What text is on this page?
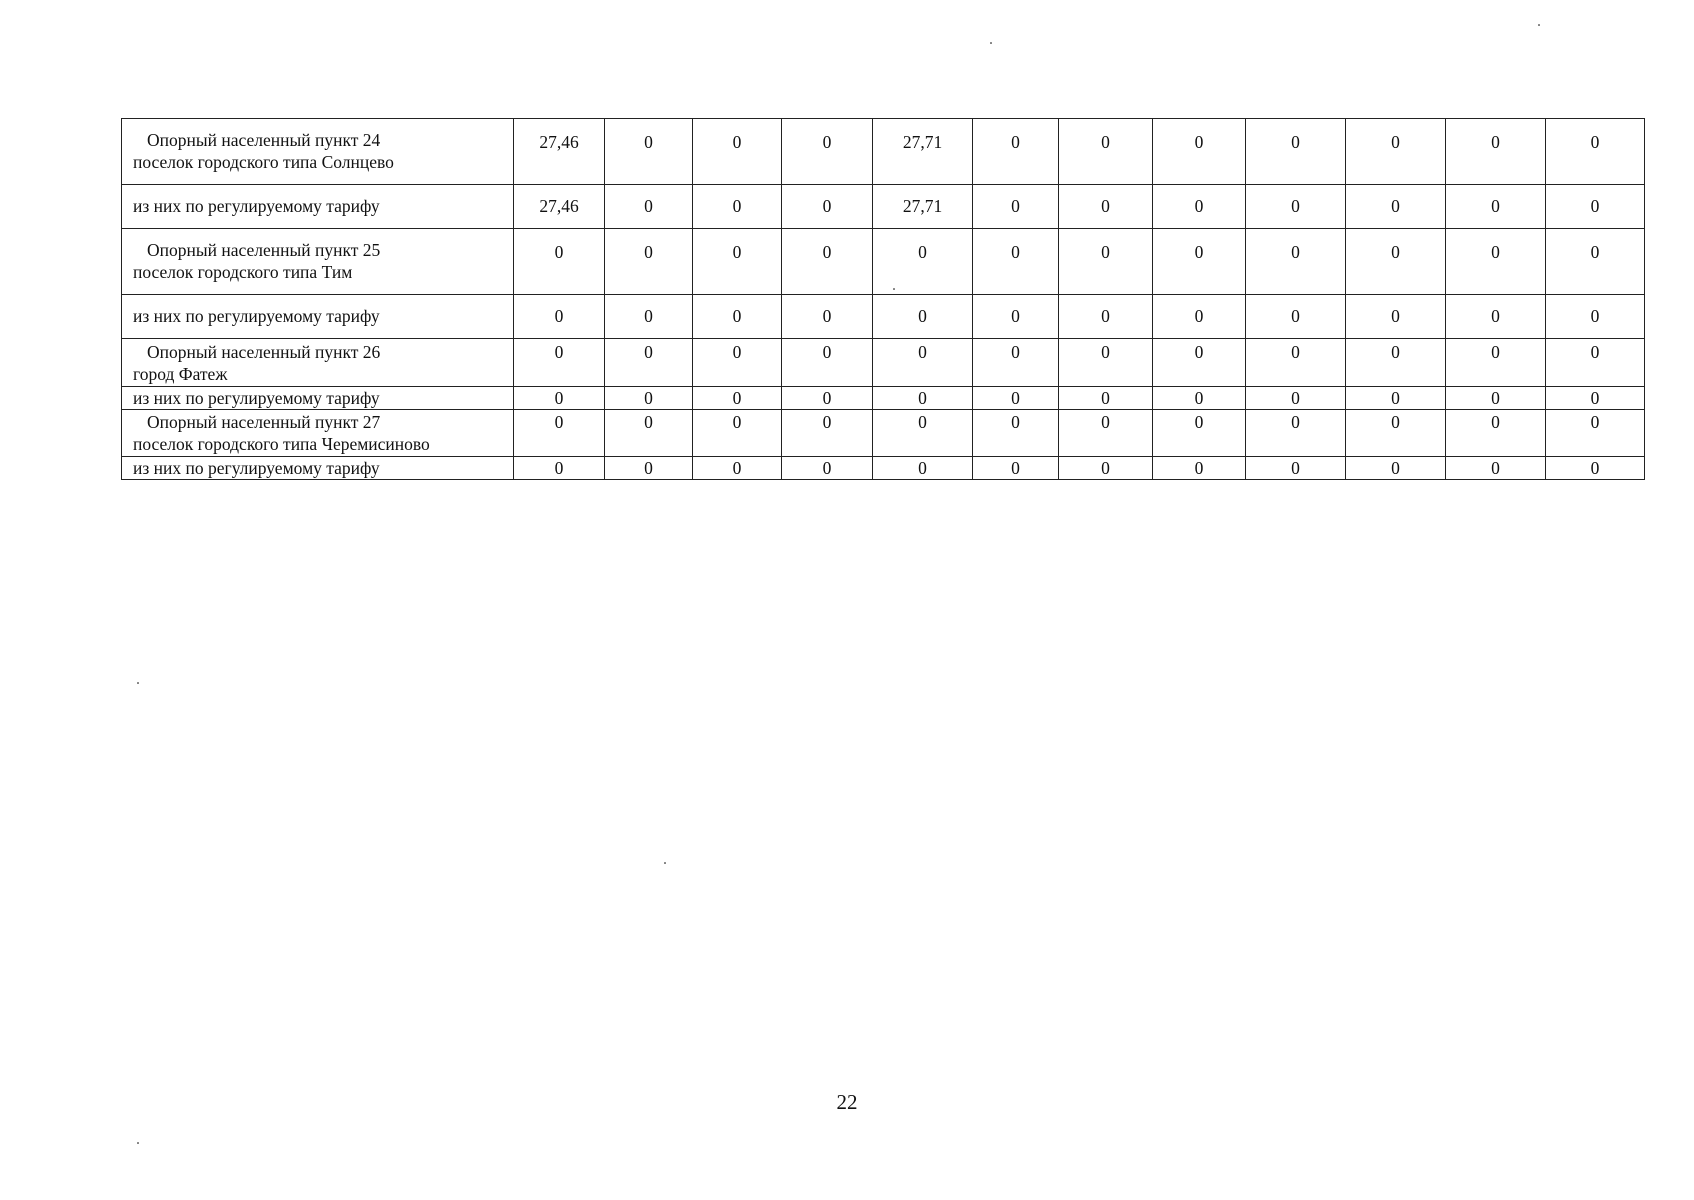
Опорный населенный пункт 24
поселок городского типа Солнцево	27,46	0	0	0	27,71	0	0	0	0	0	0	0

из них по регулируемому тарифу	27,46	0	0	0	27,71	0	0	0	0	0	0	0

Опорный населенный пункт 25
поселок городского типа Тим	0	0	0	0	0	0	0	0	0	0	0	0

из них по регулируемому тарифу	0	0	0	0	0	0	0	0	0	0	0	0

Опорный населенный пункт 26
город Фатеж	0	0	0	0	0	0	0	0	0	0	0	0

из них по регулируемому тарифу	0	0	0	0	0	0	0	0	0	0	0	0

Опорный населенный пункт 27
поселок городского типа Черемисиново	0	0	0	0	0	0	0	0	0	0	0	0

из них по регулируемому тарифу	0	0	0	0	0	0	0	0	0	0	0	0
22
